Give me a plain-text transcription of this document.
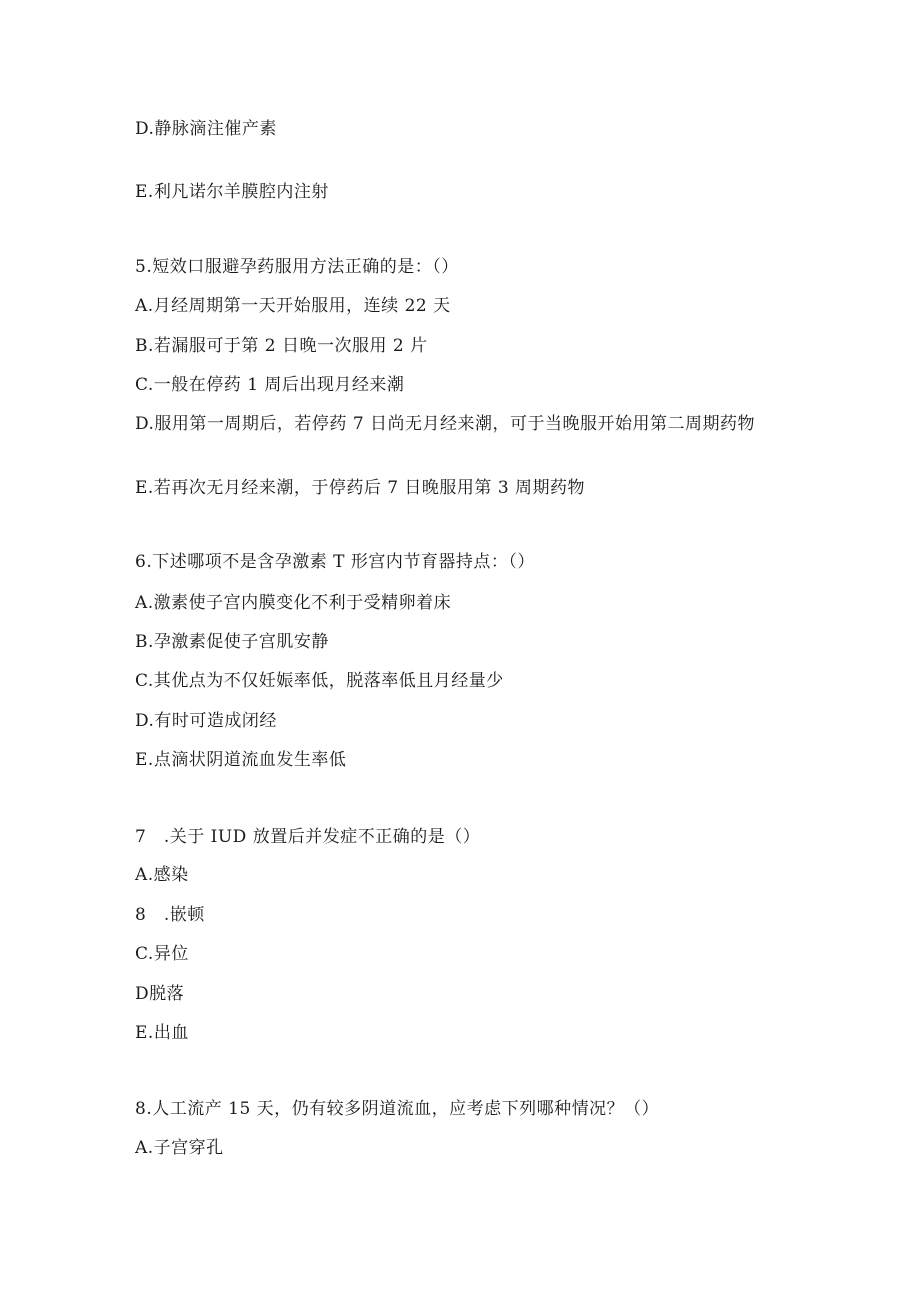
D.静脉滴注催产素
E.利凡诺尔羊膜腔内注射
5.短效口服避孕药服用方法正确的是：（）
A.月经周期第一天开始服用，连续 22 天
B.若漏服可于第 2 日晚一次服用 2 片
C.一般在停药 1 周后出现月经来潮
D.服用第一周期后，若停药 7 日尚无月经来潮，可于当晚服开始用第二周期药物
E.若再次无月经来潮，于停药后 7 日晚服用第 3 周期药物
6.下述哪项不是含孕激素 T 形宫内节育器持点：（）
A.激素使子宫内膜变化不利于受精卵着床
B.孕激素促使子宫肌安静
C.其优点为不仅妊娠率低，脱落率低且月经量少
D.有时可造成闭经
E.点滴状阴道流血发生率低
7　.关于 IUD 放置后并发症不正确的是（）
A.感染
8　.嵌顿
C.异位
D脱落
E.出血
8.人工流产 15 天，仍有较多阴道流血，应考虑下列哪种情况？（）
A.子宫穿孔
